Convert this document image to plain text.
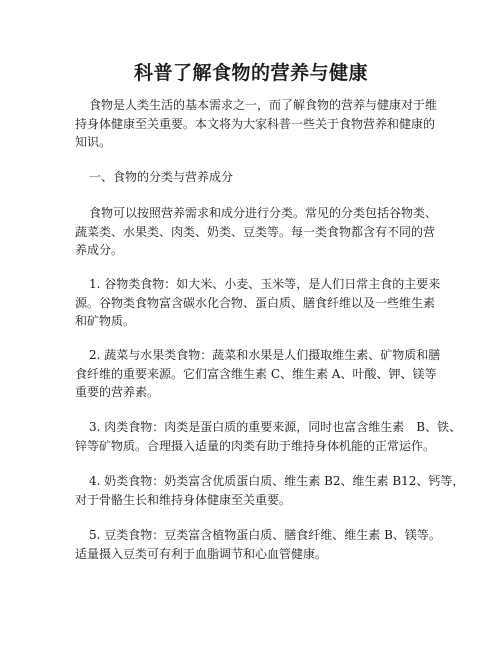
科普了解食物的营养与健康
食物是人类生活的基本需求之一，而了解食物的营养与健康对于维
持身体健康至关重要。本文将为大家科普一些关于食物营养和健康的
知识。
一、食物的分类与营养成分
食物可以按照营养需求和成分进行分类。常见的分类包括谷物类、
蔬菜类、水果类、肉类、奶类、豆类等。每一类食物都含有不同的营
养成分。
1. 谷物类食物：如大米、小麦、玉米等，是人们日常主食的主要来
源。谷物类食物富含碳水化合物、蛋白质、膳食纤维以及一些维生素
和矿物质。
2. 蔬菜与水果类食物：蔬菜和水果是人们摄取维生素、矿物质和膳
食纤维的重要来源。它们富含维生素 C、维生素 A、叶酸、钾、镁等
重要的营养素。
3. 肉类食物：肉类是蛋白质的重要来源，同时也富含维生素　B、铁、
锌等矿物质。合理摄入适量的肉类有助于维持身体机能的正常运作。
4. 奶类食物：奶类富含优质蛋白质、维生素 B2、维生素 B12、钙等，
对于骨骼生长和维持身体健康至关重要。
5. 豆类食物：豆类富含植物蛋白质、膳食纤维、维生素 B、镁等。
适量摄入豆类可有利于血脂调节和心血管健康。
